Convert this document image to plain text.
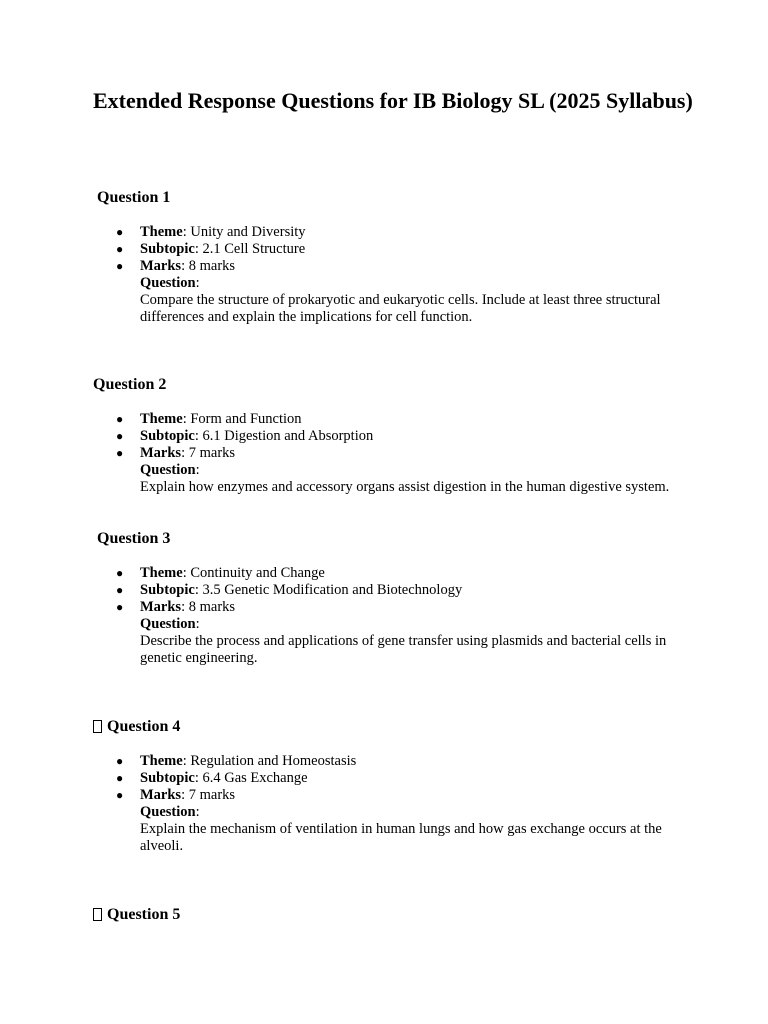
Extended Response Questions for IB Biology SL (2025 Syllabus)
Question 1
● Theme: Unity and Diversity
● Subtopic: 2.1 Cell Structure
● Marks: 8 marks
Question:
Compare the structure of prokaryotic and eukaryotic cells. Include at least three structural differences and explain the implications for cell function.
Question 2
● Theme: Form and Function
● Subtopic: 6.1 Digestion and Absorption
● Marks: 7 marks
Question:
Explain how enzymes and accessory organs assist digestion in the human digestive system.
Question 3
● Theme: Continuity and Change
● Subtopic: 3.5 Genetic Modification and Biotechnology
● Marks: 8 marks
Question:
Describe the process and applications of gene transfer using plasmids and bacterial cells in genetic engineering.
Question 4
● Theme: Regulation and Homeostasis
● Subtopic: 6.4 Gas Exchange
● Marks: 7 marks
Question:
Explain the mechanism of ventilation in human lungs and how gas exchange occurs at the alveoli.
Question 5
